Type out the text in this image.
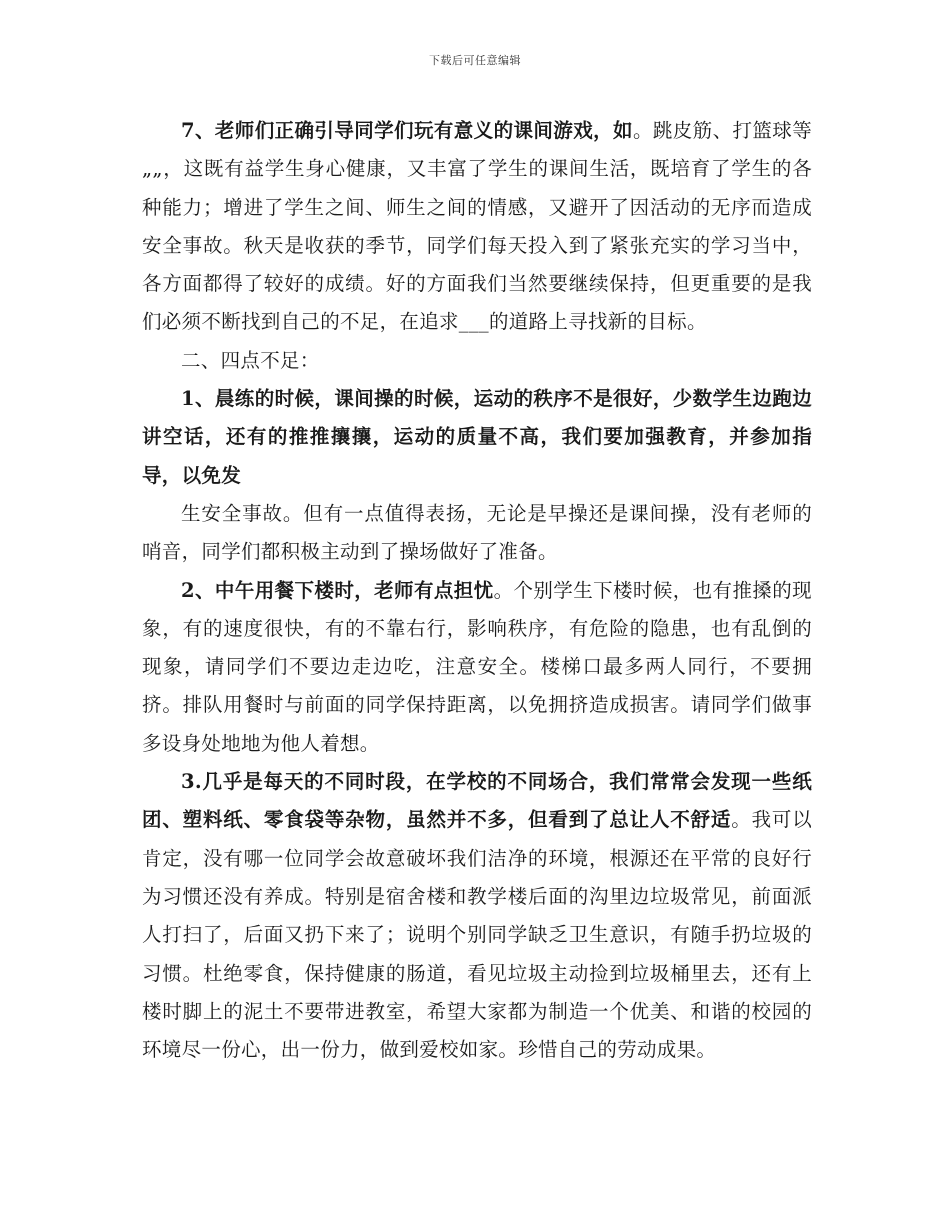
下载后可任意编辑

7、老师们正确引导同学们玩有意义的课间游戏，如。跳皮筋、打篮球等„„，这既有益学生身心健康，又丰富了学生的课间生活，既培育了学生的各种能力；增进了学生之间、师生之间的情感，又避开了因活动的无序而造成安全事故。秋天是收获的季节，同学们每天投入到了紧张充实的学习当中，各方面都得了较好的成绩。好的方面我们当然要继续保持，但更重要的是我们必须不断找到自己的不足，在追求___的道路上寻找新的目标。

二、四点不足：

1、晨练的时候，课间操的时候，运动的秩序不是很好，少数学生边跑边讲空话，还有的推推攘攘，运动的质量不高，我们要加强教育，并参加指导，以免发

生安全事故。但有一点值得表扬，无论是早操还是课间操，没有老师的哨音，同学们都积极主动到了操场做好了准备。

2、中午用餐下楼时，老师有点担忧。个别学生下楼时候，也有推搡的现象，有的速度很快，有的不靠右行，影响秩序，有危险的隐患，也有乱倒的现象，请同学们不要边走边吃，注意安全。楼梯口最多两人同行，不要拥挤。排队用餐时与前面的同学保持距离，以免拥挤造成损害。请同学们做事多设身处地地为他人着想。

3.几乎是每天的不同时段，在学校的不同场合，我们常常会发现一些纸团、塑料纸、零食袋等杂物，虽然并不多，但看到了总让人不舒适。我可以肯定，没有哪一位同学会故意破坏我们洁净的环境，根源还在平常的良好行为习惯还没有养成。特别是宿舍楼和教学楼后面的沟里边垃圾常见，前面派人打扫了，后面又扔下来了；说明个别同学缺乏卫生意识，有随手扔垃圾的习惯。杜绝零食，保持健康的肠道，看见垃圾主动捡到垃圾桶里去，还有上楼时脚上的泥土不要带进教室，希望大家都为制造一个优美、和谐的校园的环境尽一份心，出一份力，做到爱校如家。珍惜自己的劳动成果。
